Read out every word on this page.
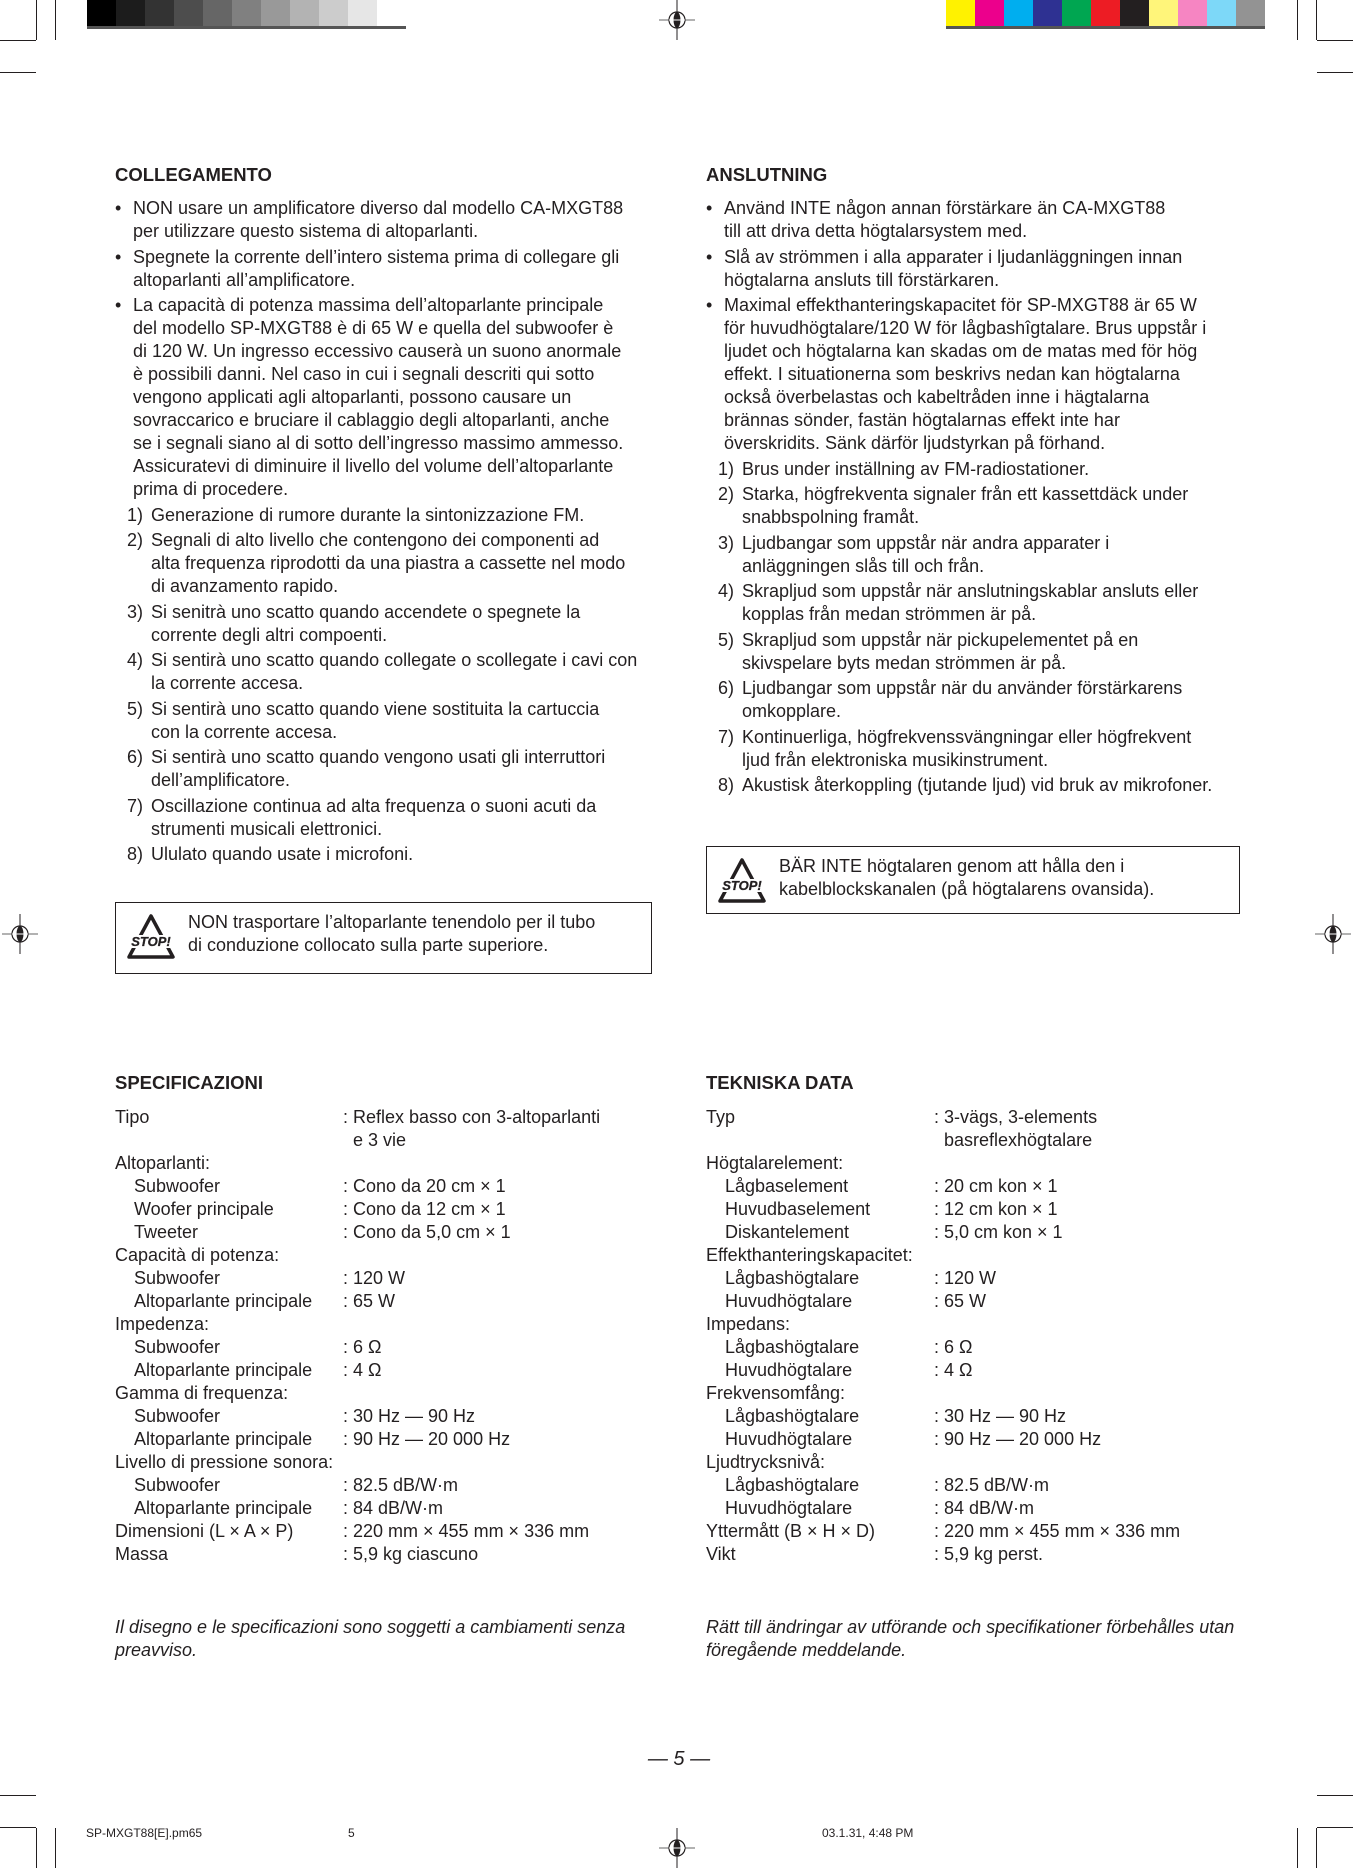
COLLEGAMENTO
• NON usare un amplificatore diverso dal modello CA-MXGT88
per utilizzare questo sistema di altoparlanti.
• Spegnete la corrente dell’intero sistema prima di collegare gli
altoparlanti all’amplificatore.
• La capacità di potenza massima dell’altoparlante principale
del modello SP-MXGT88 è di 65 W e quella del subwoofer è
di 120 W. Un ingresso eccessivo causerà un suono anormale
è possibili danni. Nel caso in cui i segnali descriti qui sotto
vengono applicati agli altoparlanti, possono causare un
sovraccarico e bruciare il cablaggio degli altoparlanti, anche
se i segnali siano al di sotto dell’ingresso massimo ammesso.
Assicuratevi di diminuire il livello del volume dell’altoparlante
prima di procedere.
1) Generazione di rumore durante la sintonizzazione FM.
2) Segnali di alto livello che contengono dei componenti ad
alta frequenza riprodotti da una piastra a cassette nel modo
di avanzamento rapido.
3) Si senitrà uno scatto quando accendete o spegnete la
corrente degli altri compoenti.
4) Si sentirà uno scatto quando collegate o scollegate i cavi con
la corrente accesa.
5) Si sentirà uno scatto quando viene sostituita la cartuccia
con la corrente accesa.
6) Si sentirà uno scatto quando vengono usati gli interruttori
dell’amplificatore.
7) Oscillazione continua ad alta frequenza o suoni acuti da
strumenti musicali elettronici.
8) Ululato quando usate i microfoni.
STOP!
NON trasportare l’altoparlante tenendolo per il tubo
di conduzione collocato sulla parte superiore.
SPECIFICAZIONI
Tipo	: Reflex basso con 3-altoparlanti
e 3 vie
Altoparlanti:
Subwoofer	: Cono da 20 cm × 1
Woofer principale	: Cono da 12 cm × 1
Tweeter	: Cono da 5,0 cm × 1
Capacità di potenza:
Subwoofer	: 120 W
Altoparlante principale : 65 W
Impedenza:
Subwoofer	: 6 Ω
Altoparlante principale : 4 Ω
Gamma di frequenza:
Subwoofer	: 30 Hz — 90 Hz
Altoparlante principale : 90 Hz — 20 000 Hz
Livello di pressione sonora:
Subwoofer	: 82.5 dB/W·m
Altoparlante principale : 84 dB/W·m
Dimensioni (L × A × P)	: 220 mm × 455 mm × 336 mm
Massa	: 5,9 kg ciascuno
Il disegno e le specificazioni sono soggetti a cambiamenti senza
preavviso.
ANSLUTNING
• Använd INTE någon annan förstärkare än CA-MXGT88
till att driva detta högtalarsystem med.
• Slå av strömmen i alla apparater i ljudanläggningen innan
högtalarna ansluts till förstärkaren.
• Maximal effekthanteringskapacitet för SP-MXGT88 är 65 W
för huvudhögtalare/120 W för lågbashîgtalare. Brus uppstår i
ljudet och högtalarna kan skadas om de matas med för hög
effekt. I situationerna som beskrivs nedan kan högtalarna
också överbelastas och kabeltråden inne i hägtalarna
brännas sönder, fastän högtalarnas effekt inte har
överskridits. Sänk därför ljudstyrkan på förhand.
1) Brus under inställning av FM-radiostationer.
2) Starka, högfrekventa signaler från ett kassettdäck under
snabbspolning framåt.
3) Ljudbangar som uppstår när andra apparater i
anläggningen slås till och från.
4) Skrapljud som uppstår när anslutningskablar ansluts eller
kopplas från medan strömmen är på.
5) Skrapljud som uppstår när pickupelementet på en
skivspelare byts medan strömmen är på.
6) Ljudbangar som uppstår när du använder förstärkarens
omkopplare.
7) Kontinuerliga, högfrekvenssvängningar eller högfrekvent
ljud från elektroniska musikinstrument.
8) Akustisk återkoppling (tjutande ljud) vid bruk av mikrofoner.
STOP!
BÄR INTE högtalaren genom att hålla den i
kabelblockskanalen (på högtalarens ovansida).
TEKNISKA DATA
Typ	: 3-vägs, 3-elements
basreflexhögtalare
Högtalarelement:
Lågbaselement	: 20 cm kon × 1
Huvudbaselement	: 12 cm kon × 1
Diskantelement	: 5,0 cm kon × 1
Effekthanteringskapacitet:
Lågbashögtalare	: 120 W
Huvudhögtalare	: 65 W
Impedans:
Lågbashögtalare	: 6 Ω
Huvudhögtalare	: 4 Ω
Frekvensomfång:
Lågbashögtalare	: 30 Hz — 90 Hz
Huvudhögtalare	: 90 Hz — 20 000 Hz
Ljudtrycksnivå:
Lågbashögtalare	: 82.5 dB/W·m
Huvudhögtalare	: 84 dB/W·m
Yttermått (B × H × D)	: 220 mm × 455 mm × 336 mm
Vikt	: 5,9 kg perst.
Rätt till ändringar av utförande och specifikationer förbehålles utan
föregående meddelande.
— 5 —
SP-MXGT88[E].pm65	5	03.1.31, 4:48 PM
